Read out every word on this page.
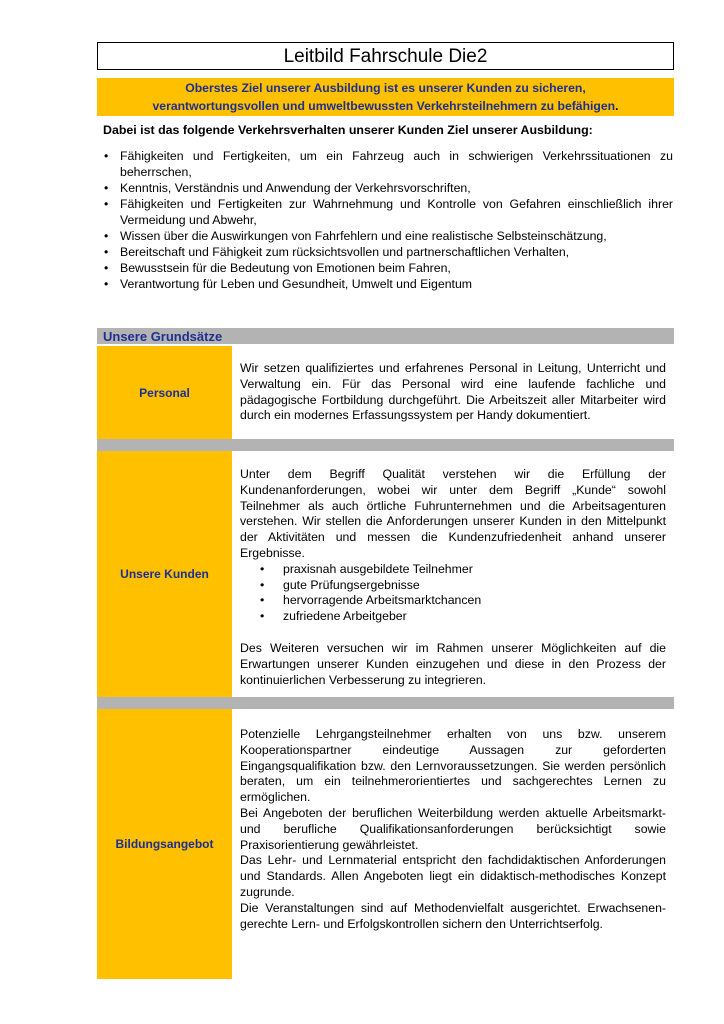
Leitbild Fahrschule Die2
Oberstes Ziel unserer Ausbildung ist es unserer Kunden zu sicheren,
verantwortungsvollen und umweltbewussten Verkehrsteilnehmern zu befähigen.
Dabei ist das folgende Verkehrsverhalten unserer Kunden Ziel unserer Ausbildung:
• Fähigkeiten und Fertigkeiten, um ein Fahrzeug auch in schwierigen Verkehrssituationen zu beherrschen,
• Kenntnis, Verständnis und Anwendung der Verkehrsvorschriften,
• Fähigkeiten und Fertigkeiten zur Wahrnehmung und Kontrolle von Gefahren einschließlich ihrer Vermeidung und Abwehr,
• Wissen über die Auswirkungen von Fahrfehlern und eine realistische Selbsteinschätzung,
• Bereitschaft und Fähigkeit zum rücksichtsvollen und partnerschaftlichen Verhalten,
• Bewusstsein für die Bedeutung von Emotionen beim Fahren,
• Verantwortung für Leben und Gesundheit, Umwelt und Eigentum
Unsere Grundsätze
Personal

Wir setzen qualifiziertes und erfahrenes Personal in Leitung, Unterricht und Verwaltung ein. Für das Personal wird eine laufende fachliche und pädagogische Fortbildung durchgeführt. Die Arbeitszeit aller Mitarbeiter wird durch ein modernes Erfassungssystem per Handy dokumentiert.

Unsere Kunden

Unter dem Begriff Qualität verstehen wir die Erfüllung der Kundenanforderungen, wobei wir unter dem Begriff „Kunde“ sowohl Teilnehmer als auch örtliche Fuhrunternehmen und die Arbeitsagenturen verstehen. Wir stellen die Anforderungen unserer Kunden in den Mittelpunkt der Aktivitäten und messen die Kundenzufriedenheit anhand unserer Ergebnisse.

• praxisnah ausgebildete Teilnehmer
• gute Prüfungsergebnisse
• hervorragende Arbeitsmarktchancen
• zufriedene Arbeitgeber

Des Weiteren versuchen wir im Rahmen unserer Möglichkeiten auf die Erwartungen unserer Kunden einzugehen und diese in den Prozess der kontinuierlichen Verbesserung zu integrieren.

Bildungsangebot

Potenzielle Lehrgangsteilnehmer erhalten von uns bzw. unserem Kooperationspartner eindeutige Aussagen zur geforderten Eingangsqualifikation bzw. den Lernvoraussetzungen. Sie werden persönlich beraten, um ein teilnehmerorientiertes und sachgerechtes Lernen zu ermöglichen.

Bei Angeboten der beruflichen Weiterbildung werden aktuelle Arbeitsmarkt- und berufliche Qualifikationsanforderungen berücksichtigt sowie Praxisorientierung gewährleistet.

Das Lehr- und Lernmaterial entspricht den fachdidaktischen Anforderungen und Standards. Allen Angeboten liegt ein didaktisch-methodisches Konzept zugrunde.

Die Veranstaltungen sind auf Methodenvielfalt ausgerichtet. Erwachsenen-gerechte Lern- und Erfolgskontrollen sichern den Unterrichtserfolg.
